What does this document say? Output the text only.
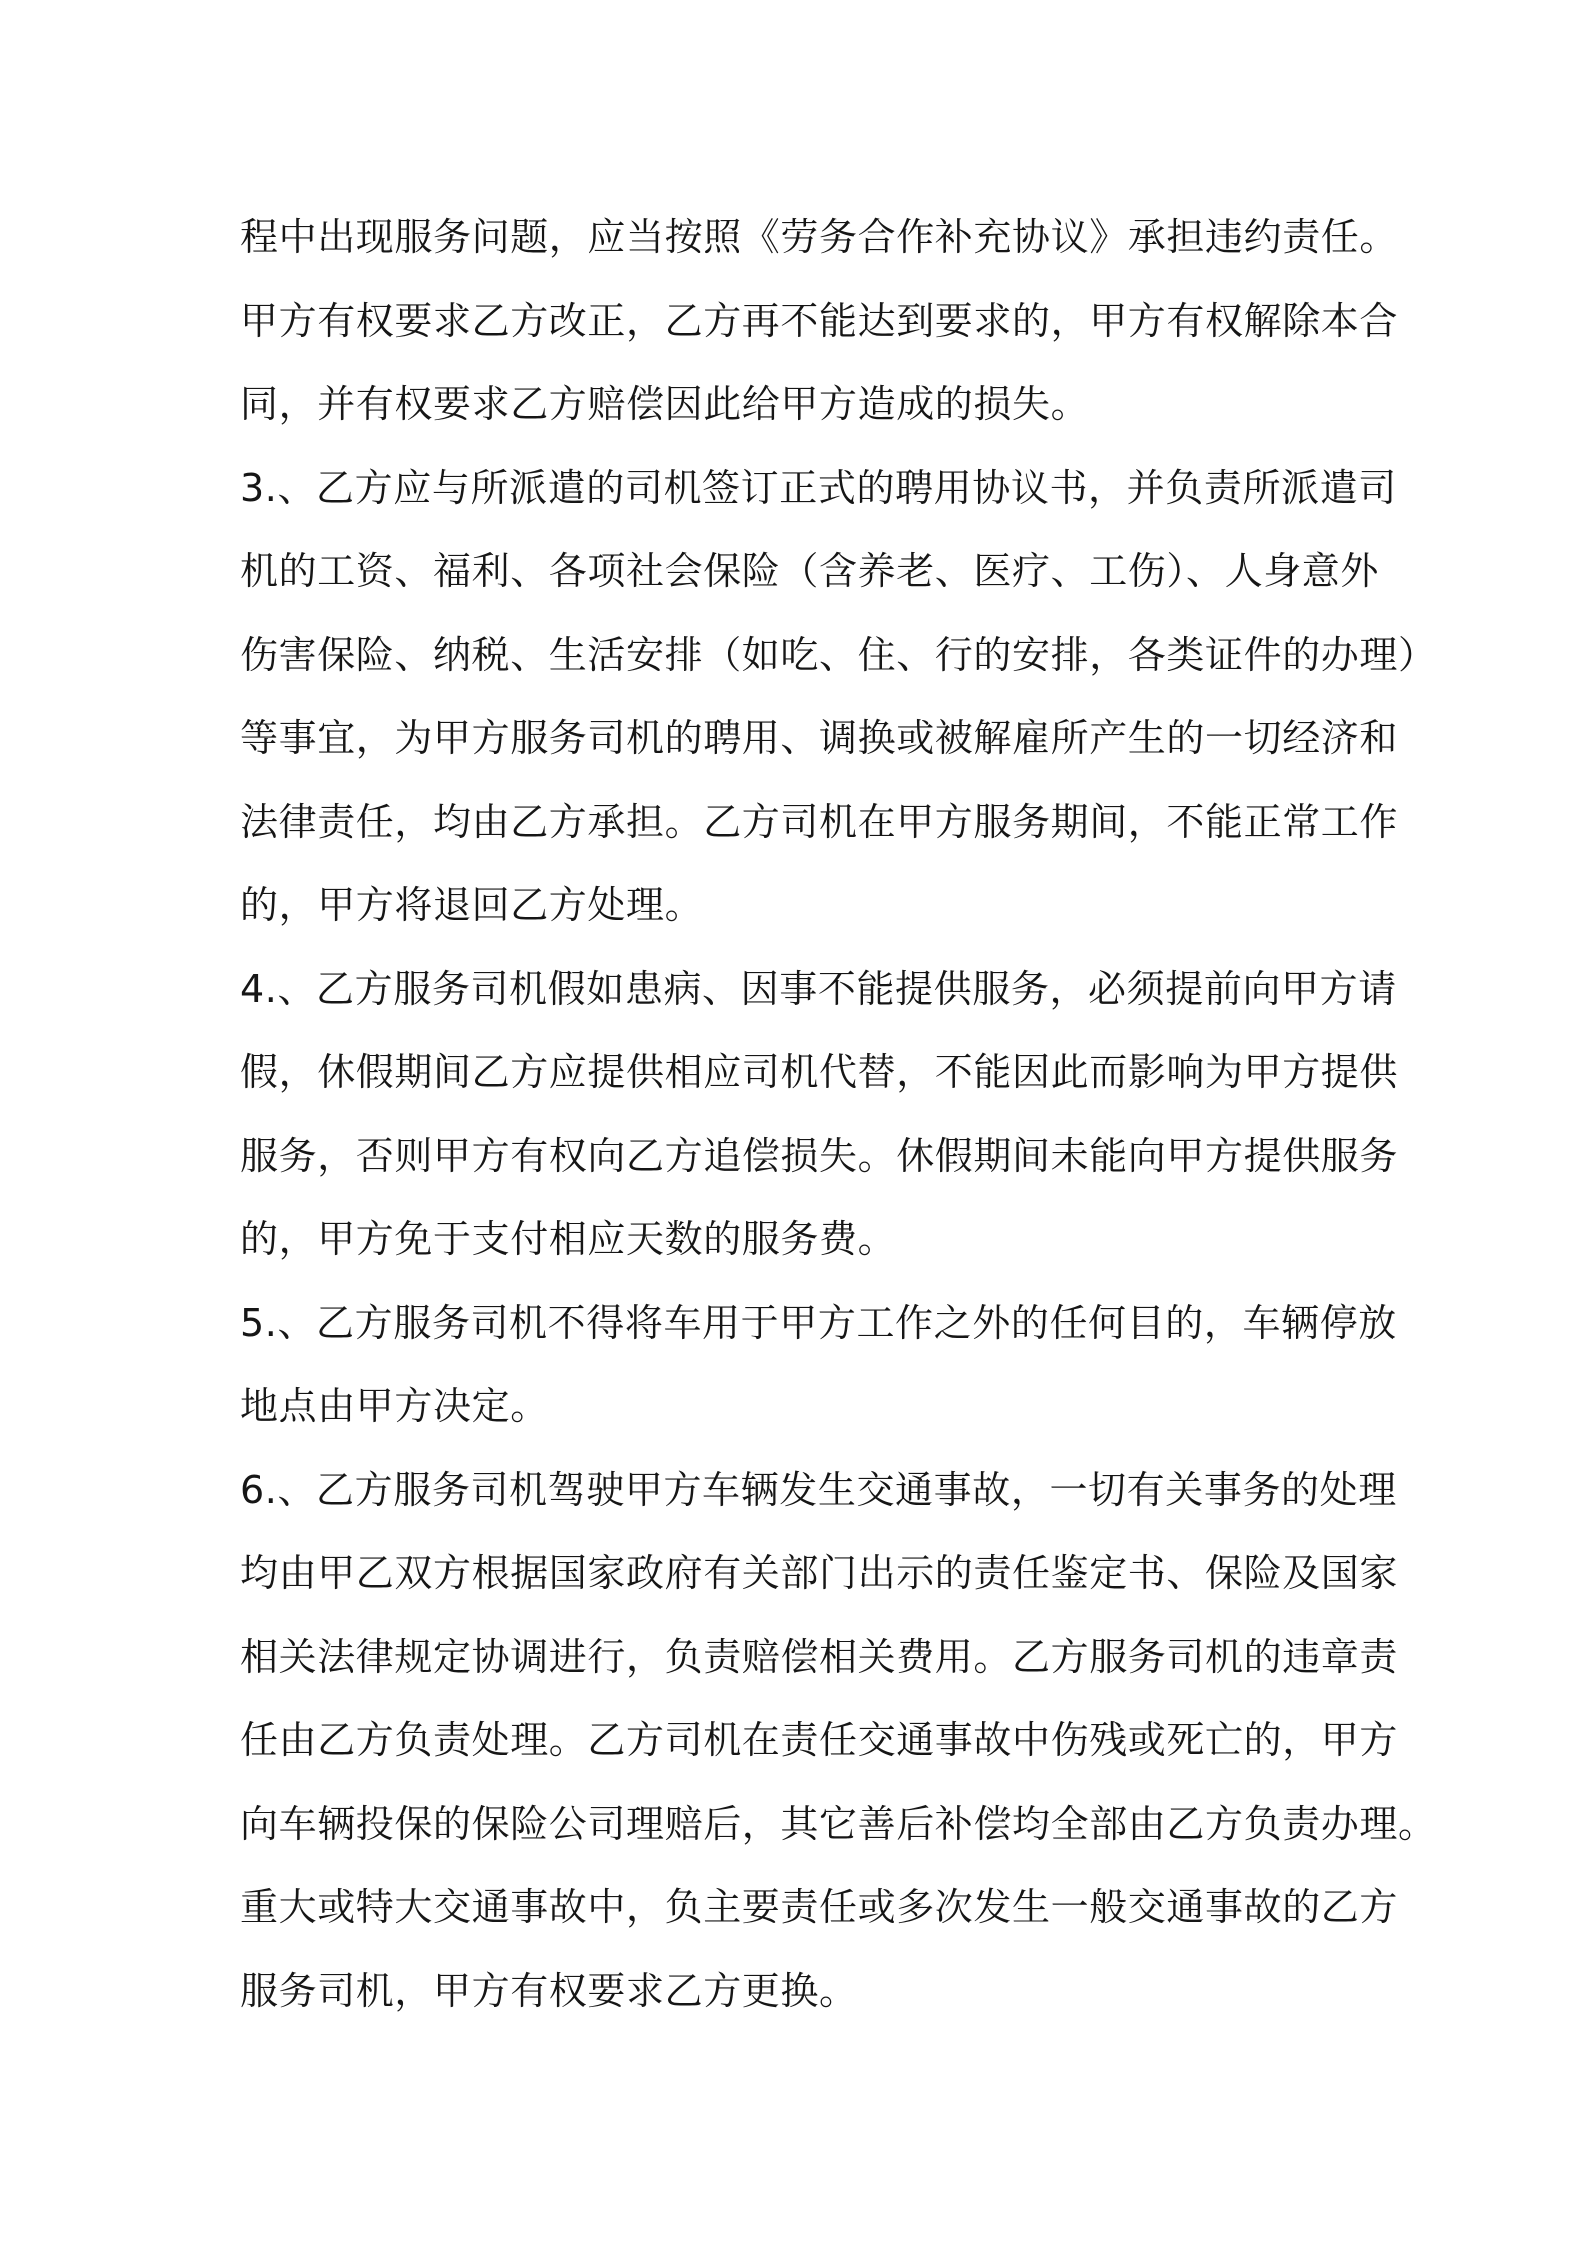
程中出现服务问题，应当按照《劳务合作补充协议》承担违约责任。
甲方有权要求乙方改正，乙方再不能达到要求的，甲方有权解除本合
同，并有权要求乙方赔偿因此给甲方造成的损失。
3.、乙方应与所派遣的司机签订正式的聘用协议书，并负责所派遣司
机的工资、福利、各项社会保险（含养老、医疗、工伤）、人身意外
伤害保险、纳税、生活安排（如吃、住、行的安排，各类证件的办理）
等事宜，为甲方服务司机的聘用、调换或被解雇所产生的一切经济和
法律责任，均由乙方承担。乙方司机在甲方服务期间，不能正常工作
的，甲方将退回乙方处理。
4.、乙方服务司机假如患病、因事不能提供服务，必须提前向甲方请
假，休假期间乙方应提供相应司机代替，不能因此而影响为甲方提供
服务，否则甲方有权向乙方追偿损失。休假期间未能向甲方提供服务
的，甲方免于支付相应天数的服务费。
5.、乙方服务司机不得将车用于甲方工作之外的任何目的，车辆停放
地点由甲方决定。
6.、乙方服务司机驾驶甲方车辆发生交通事故，一切有关事务的处理
均由甲乙双方根据国家政府有关部门出示的责任鉴定书、保险及国家
相关法律规定协调进行，负责赔偿相关费用。乙方服务司机的违章责
任由乙方负责处理。乙方司机在责任交通事故中伤残或死亡的，甲方
向车辆投保的保险公司理赔后，其它善后补偿均全部由乙方负责办理。
重大或特大交通事故中，负主要责任或多次发生一般交通事故的乙方
服务司机，甲方有权要求乙方更换。
